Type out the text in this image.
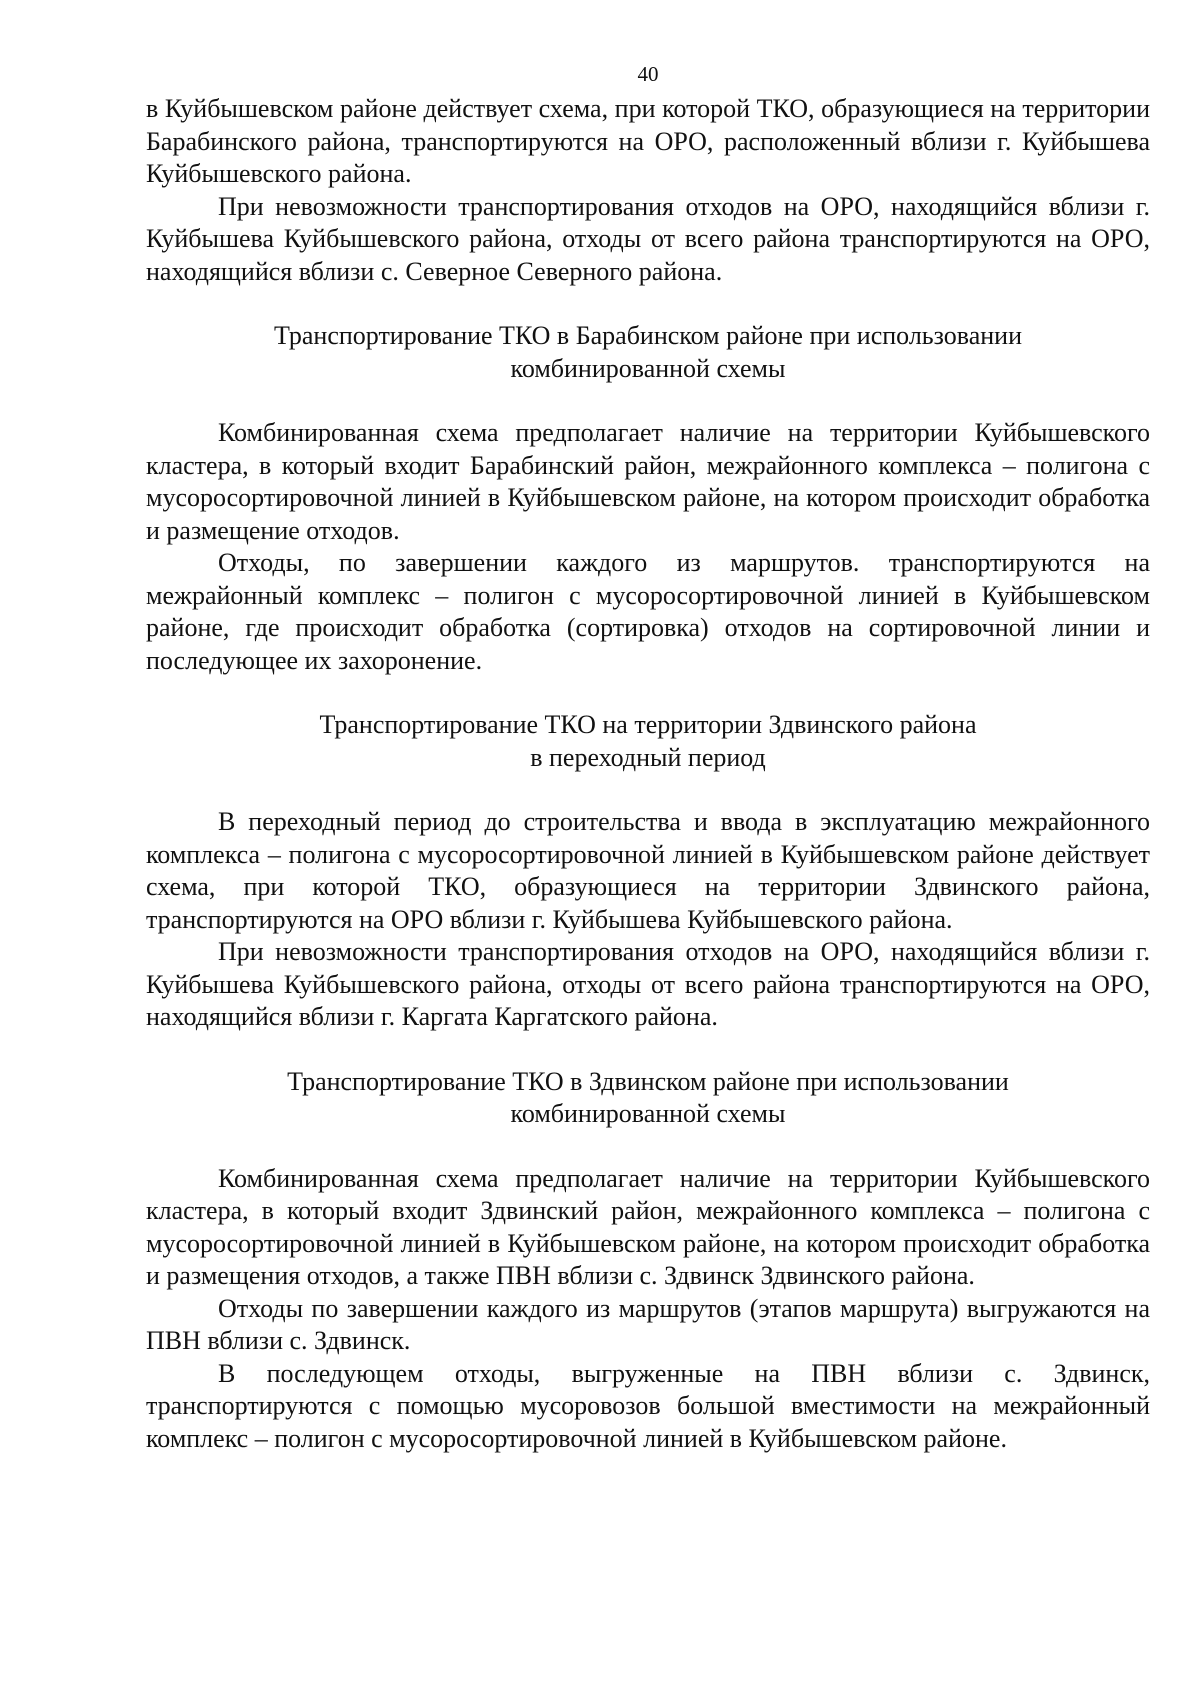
40

в Куйбышевском районе действует схема, при которой ТКО, образующиеся на территории Барабинского района, транспортируются на ОРО, расположенный вблизи г. Куйбышева Куйбышевского района.

При невозможности транспортирования отходов на ОРО, находящийся вблизи г. Куйбышева Куйбышевского района, отходы от всего района транспортируются на ОРО, находящийся вблизи с. Северное Северного района.

Транспортирование ТКО в Барабинском районе при использовании
комбинированной схемы

Комбинированная схема предполагает наличие на территории Куйбышевского кластера, в который входит Барабинский район, межрайонного комплекса – полигона с мусоросортировочной линией в Куйбышевском районе, на котором происходит обработка и размещение отходов.

Отходы, по завершении каждого из маршрутов. транспортируются на межрайонный комплекс – полигон с мусоросортировочной линией в Куйбышевском районе, где происходит обработка (сортировка) отходов на сортировочной линии и последующее их захоронение.

Транспортирование ТКО на территории Здвинского района
в переходный период

В переходный период до строительства и ввода в эксплуатацию межрайонного комплекса – полигона с мусоросортировочной линией в Куйбышевском районе действует схема, при которой ТКО, образующиеся на территории Здвинского района, транспортируются на ОРО вблизи г. Куйбышева Куйбышевского района.

При невозможности транспортирования отходов на ОРО, находящийся вблизи г. Куйбышева Куйбышевского района, отходы от всего района транспортируются на ОРО, находящийся вблизи г. Каргата Каргатского района.

Транспортирование ТКО в Здвинском районе при использовании
комбинированной схемы

Комбинированная схема предполагает наличие на территории Куйбышевского кластера, в который входит Здвинский район, межрайонного комплекса – полигона с мусоросортировочной линией в Куйбышевском районе, на котором происходит обработка и размещения отходов, а также ПВН вблизи с. Здвинск Здвинского района.

Отходы по завершении каждого из маршрутов (этапов маршрута) выгружаются на ПВН вблизи с. Здвинск.

В последующем отходы, выгруженные на ПВН вблизи с. Здвинск, транспортируются с помощью мусоровозов большой вместимости на межрайонный комплекс – полигон с мусоросортировочной линией в Куйбышевском районе.
